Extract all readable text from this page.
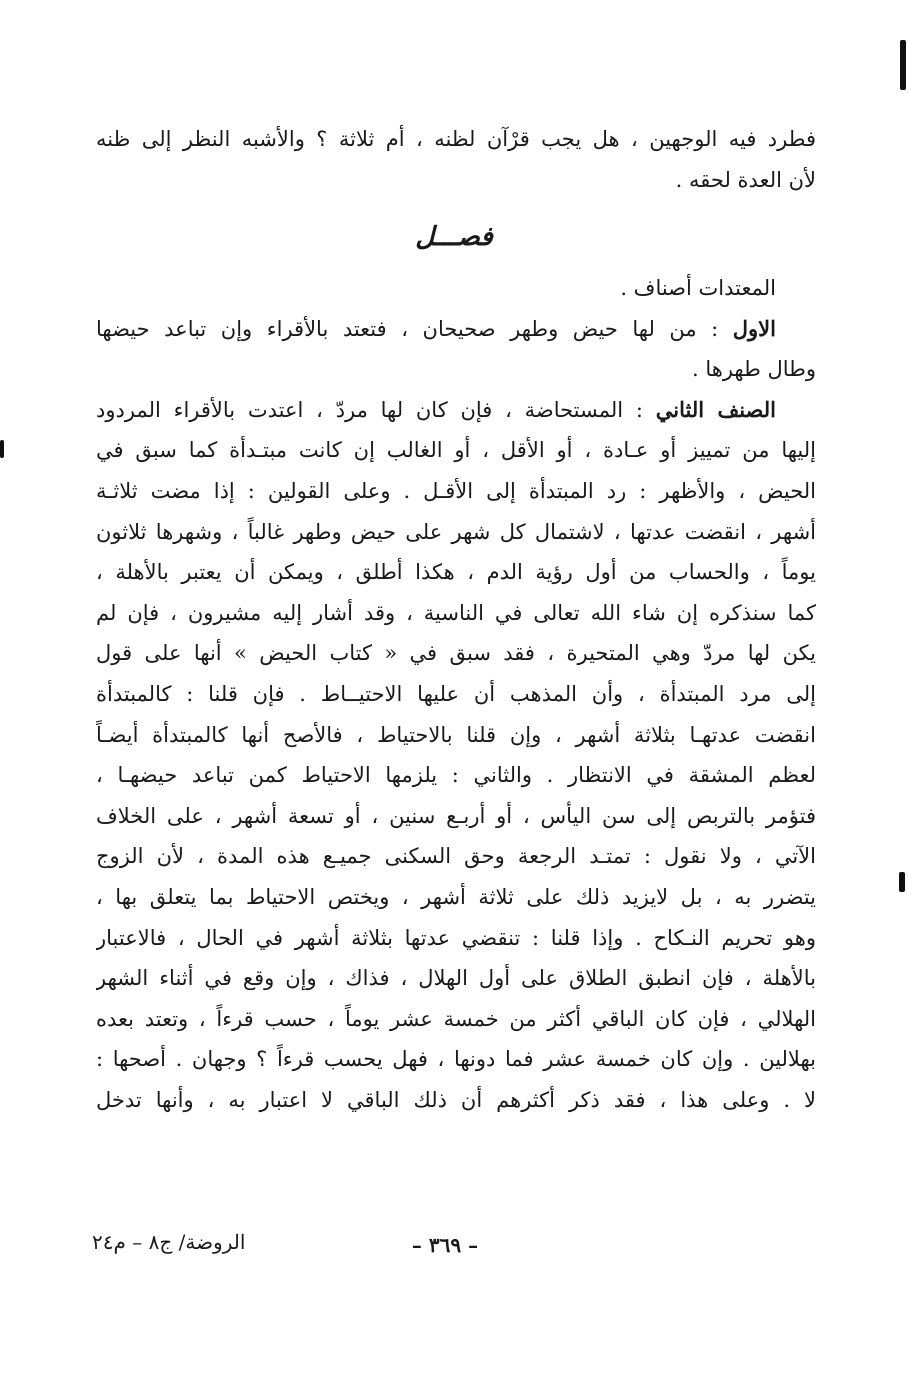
فطرد فيه الوجهين ، هل يجب قرْآن لظنه ، أم ثلاثة ؟ والأشبه النظر إلى ظنه
لأن العدة لحقه .
فصـــل
المعتدات أصناف .
الاول : من لها حيض وطهر صحيحان ، فتعتد بالأقراء وإن تباعد حيضها
وطال طهرها .
الصنف الثاني : المستحاضة ، فإن كان لها مردّ ، اعتدت بالأقراء المردود
إليها من تمييز أو عـادة ، أو الأقل ، أو الغالب إن كانت مبتـدأة كما سبق في
الحيض ، والأظهر : رد المبتدأة إلى الأقـل . وعلى القولين : إذا مضت ثلاثـة
أشهر ، انقضت عدتها ، لاشتمال كل شهر على حيض وطهر غالباً ، وشهرها ثلاثون
يوماً ، والحساب من أول رؤية الدم ، هكذا أطلق ، ويمكن أن يعتبر بالأهلة ،
كما سنذكره إن شاء الله تعالى في الناسية ، وقد أشار إليه مشيرون ، فإن لم
يكن لها مردّ وهي المتحيرة ، فقد سبق في « كتاب الحيض » أنها على قول
إلى مرد المبتدأة ، وأن المذهب أن عليها الاحتيــاط . فإن قلنا : كالمبتدأة
انقضت عدتهـا بثلاثة أشهر ، وإن قلنا بالاحتياط ، فالأصح أنها كالمبتدأة أيضـاً
لعظم المشقة في الانتظار . والثاني : يلزمها الاحتياط كمن تباعد حيضهـا ،
فتؤمر بالتربص إلى سن اليأس ، أو أربـع سنين ، أو تسعة أشهر ، على الخلاف
الآتي ، ولا نقول : تمتـد الرجعة وحق السكنى جميـع هذه المدة ، لأن الزوج
يتضرر به ، بل لايزيد ذلك على ثلاثة أشهر ، ويختص الاحتياط بما يتعلق بها ،
وهو تحريم النـكاح . وإذا قلنا : تنقضي عدتها بثلاثة أشهر في الحال ، فالاعتبار
بالأهلة ، فإن انطبق الطلاق على أول الهلال ، فذاك ، وإن وقع في أثناء الشهر
الهلالي ، فإن كان الباقي أكثر من خمسة عشر يوماً ، حسب قرءاً ، وتعتد بعده
بهلالين . وإن كان خمسة عشر فما دونها ، فهل يحسب قرءاً ؟ وجهان . أصحها :
لا . وعلى هذا ، فقد ذكر أكثرهم أن ذلك الباقي لا اعتبار به ، وأنها تدخل
– ٣٦٩ –
الروضة/ ج٨ – م٢٤
